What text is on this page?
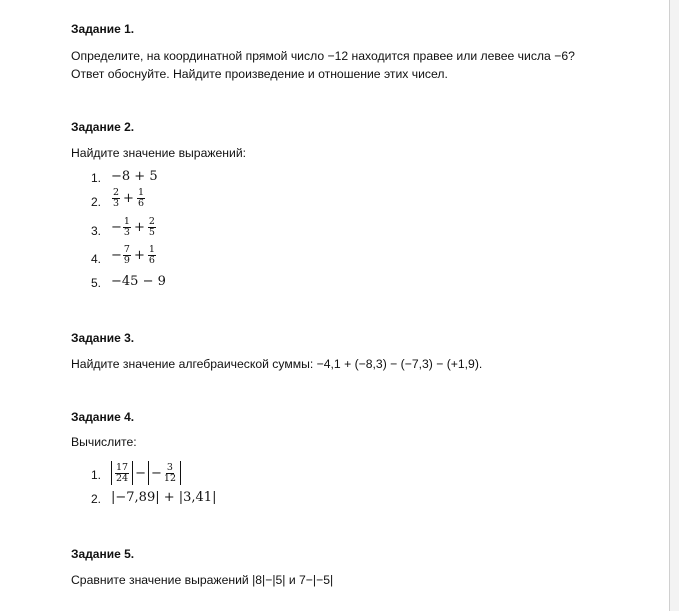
Задание 1.
Определите, на координатной прямой число −12 находится правее или левее числа −6?
Ответ обоснуйте. Найдите произведение и отношение этих чисел.
Задание 2.
Найдите значение выражений:
1. −8 + 5
2. $\frac{2}{3} + \frac{1}{6}$
3. − $\frac{1}{3} + \frac{2}{5}$
4. − $\frac{7}{9} + \frac{1}{6}$
5. −45 − 9
Задание 3.
Найдите значение алгебраической суммы: −4,1 + (−8,3) − (−7,3) − (+1,9).
Задание 4.
Вычислите:
1. $\frac{17}{24}$ − − $\frac{3}{12}$
2. |−7,89| + |3,41|
Задание 5.
Сравните значение выражений |8|−|5| и 7−|−5|
